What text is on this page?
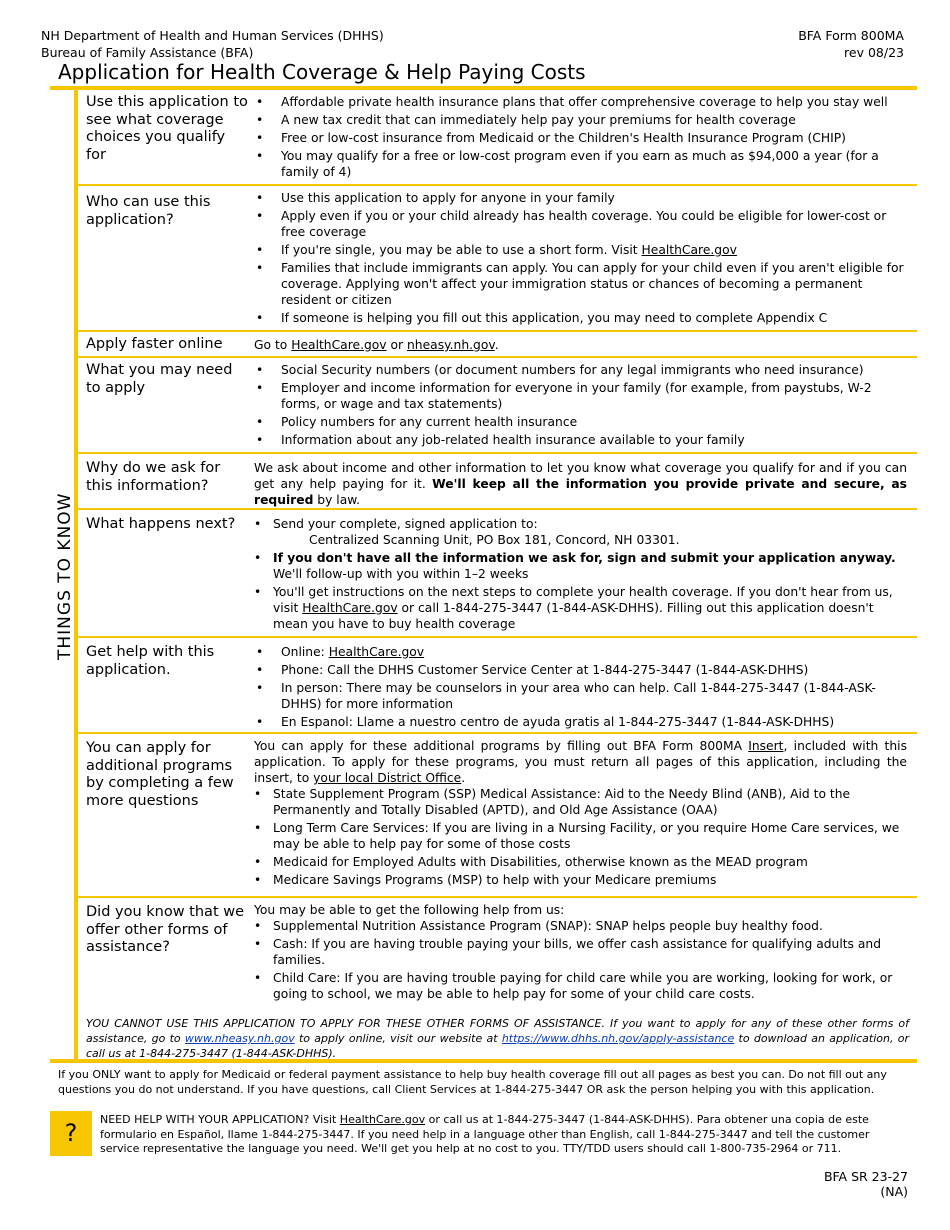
NH Department of Health and Human Services (DHHS)
Bureau of Family Assistance (BFA)
BFA Form 800MA
rev 08/23
Application for Health Coverage & Help Paying Costs
Use this application to see what coverage choices you qualify for
• Affordable private health insurance plans that offer comprehensive coverage to help you stay well
• A new tax credit that can immediately help pay your premiums for health coverage
• Free or low-cost insurance from Medicaid or the Children's Health Insurance Program (CHIP)
• You may qualify for a free or low-cost program even if you earn as much as $94,000 a year (for a family of 4)
Who can use this application?
• Use this application to apply for anyone in your family
• Apply even if you or your child already has health coverage. You could be eligible for lower-cost or free coverage
• If you're single, you may be able to use a short form. Visit HealthCare.gov
• Families that include immigrants can apply. You can apply for your child even if you aren't eligible for coverage. Applying won't affect your immigration status or chances of becoming a permanent resident or citizen
• If someone is helping you fill out this application, you may need to complete Appendix C
Apply faster online	Go to HealthCare.gov or nheasy.nh.gov.
What you may need to apply
• Social Security numbers (or document numbers for any legal immigrants who need insurance)
• Employer and income information for everyone in your family (for example, from paystubs, W-2 forms, or wage and tax statements)
• Policy numbers for any current health insurance
• Information about any job-related health insurance available to your family
Why do we ask for this information?

We ask about income and other information to let you know what coverage you qualify for and if you can get any help paying for it. We'll keep all the information you provide private and secure, as required by law.

What happens next?
•	Send your complete, signed application to:
Centralized Scanning Unit, PO Box 181, Concord, NH 03301.
• If you don't have all the information we ask for, sign and submit your application anyway. We'll follow-up with you within 1–2 weeks
• You'll get instructions on the next steps to complete your health coverage. If you don't hear from us, visit HealthCare.gov or call 1-844-275-3447 (1-844-ASK-DHHS). Filling out this application doesn't mean you have to buy health coverage
Get help with this application.
• Online: HealthCare.gov
• Phone: Call the DHHS Customer Service Center at 1-844-275-3447 (1-844-ASK-DHHS)
• In person: There may be counselors in your area who can help. Call 1-844-275-3447 (1-844-ASK-DHHS) for more information
• En Espanol: Llame a nuestro centro de ayuda gratis al 1-844-275-3447 (1-844-ASK-DHHS)
You can apply for additional programs by completing a few more questions

You can apply for these additional programs by filling out BFA Form 800MA Insert, included with this application. To apply for these programs, you must return all pages of this application, including the insert, to your local District Office.

• State Supplement Program (SSP) Medical Assistance: Aid to the Needy Blind (ANB), Aid to the Permanently and Totally Disabled (APTD), and Old Age Assistance (OAA)
• Long Term Care Services: If you are living in a Nursing Facility, or you require Home Care services, we may be able to help pay for some of those costs
• Medicaid for Employed Adults with Disabilities, otherwise known as the MEAD program
• Medicare Savings Programs (MSP) to help with your Medicare premiums
Did you know that we offer other forms of assistance?

You may be able to get the following help from us:

• Supplemental Nutrition Assistance Program (SNAP): SNAP helps people buy healthy food.
• Cash: If you are having trouble paying your bills, we offer cash assistance for qualifying adults and families.
• Child Care: If you are having trouble paying for child care while you are working, looking for work, or going to school, we may be able to help pay for some of your child care costs.
YOU CANNOT USE THIS APPLICATION TO APPLY FOR THESE OTHER FORMS OF ASSISTANCE. If you want to apply for any of these other forms of assistance, go to www.nheasy.nh.gov to apply online, visit our website at https://www.dhhs.nh.gov/apply-assistance to download an application, or call us at 1-844-275-3447 (1-844-ASK-DHHS).
THINGS TO KNOW
If you ONLY want to apply for Medicaid or federal payment assistance to help buy health coverage fill out all pages as best you can. Do not fill out any questions you do not understand. If you have questions, call Client Services at 1-844-275-3447 OR ask the person helping you with this application.
?	NEED HELP WITH YOUR APPLICATION? Visit HealthCare.gov or call us at 1-844-275-3447 (1-844-ASK-DHHS). Para obtener una copia de este formulario en Español, llame 1-844-275-3447. If you need help in a language other than English, call 1-844-275-3447 and tell the customer service representative the language you need. We'll get you help at no cost to you. TTY/TDD users should call 1-800-735-2964 or 711.
BFA SR 23-27
(NA)
